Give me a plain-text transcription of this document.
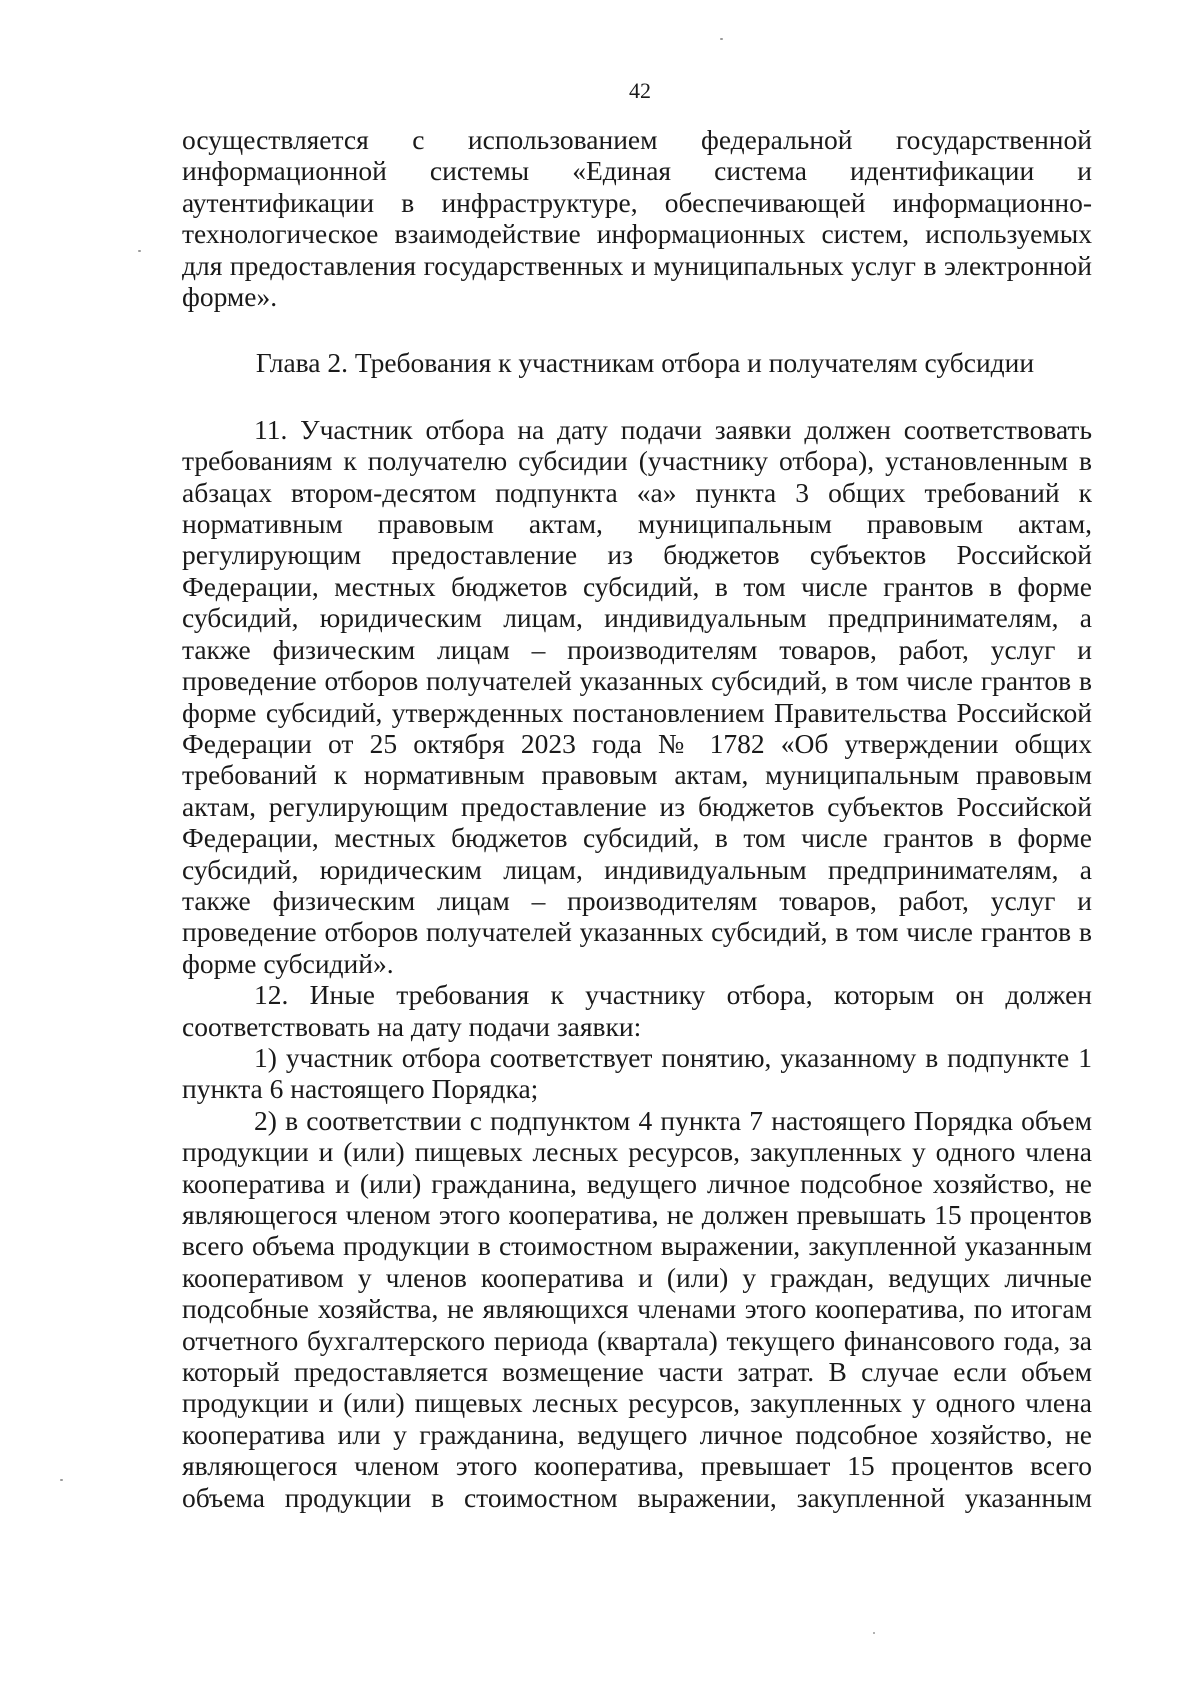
42

осуществляется с использованием федеральной государственной информационной системы «Единая система идентификации и аутентификации в инфраструктуре, обеспечивающей информационно-технологическое взаимодействие информационных систем, используемых для предоставления государственных и муниципальных услуг в электронной форме».

Глава 2. Требования к участникам отбора и получателям субсидии

11. Участник отбора на дату подачи заявки должен соответствовать требованиям к получателю субсидии (участнику отбора), установленным в абзацах втором-десятом подпункта «а» пункта 3 общих требований к нормативным правовым актам, муниципальным правовым актам, регулирующим предоставление из бюджетов субъектов Российской Федерации, местных бюджетов субсидий, в том числе грантов в форме субсидий, юридическим лицам, индивидуальным предпринимателям, а также физическим лицам – производителям товаров, работ, услуг и проведение отборов получателей указанных субсидий, в том числе грантов в форме субсидий, утвержденных постановлением Правительства Российской Федерации от 25 октября 2023 года № 1782 «Об утверждении общих требований к нормативным правовым актам, муниципальным правовым актам, регулирующим предоставление из бюджетов субъектов Российской Федерации, местных бюджетов субсидий, в том числе грантов в форме субсидий, юридическим лицам, индивидуальным предпринимателям, а также физическим лицам – производителям товаров, работ, услуг и проведение отборов получателей указанных субсидий, в том числе грантов в форме субсидий».

12. Иные требования к участнику отбора, которым он должен соответствовать на дату подачи заявки:

1) участник отбора соответствует понятию, указанному в подпункте 1 пункта 6 настоящего Порядка;

2) в соответствии с подпунктом 4 пункта 7 настоящего Порядка объем продукции и (или) пищевых лесных ресурсов, закупленных у одного члена кооператива и (или) гражданина, ведущего личное подсобное хозяйство, не являющегося членом этого кооператива, не должен превышать 15 процентов всего объема продукции в стоимостном выражении, закупленной указанным кооперативом у членов кооператива и (или) у граждан, ведущих личные подсобные хозяйства, не являющихся членами этого кооператива, по итогам отчетного бухгалтерского периода (квартала) текущего финансового года, за который предоставляется возмещение части затрат. В случае если объем продукции и (или) пищевых лесных ресурсов, закупленных у одного члена кооператива или у гражданина, ведущего личное подсобное хозяйство, не являющегося членом этого кооператива, превышает 15 процентов всего объема продукции в стоимостном выражении, закупленной указанным
